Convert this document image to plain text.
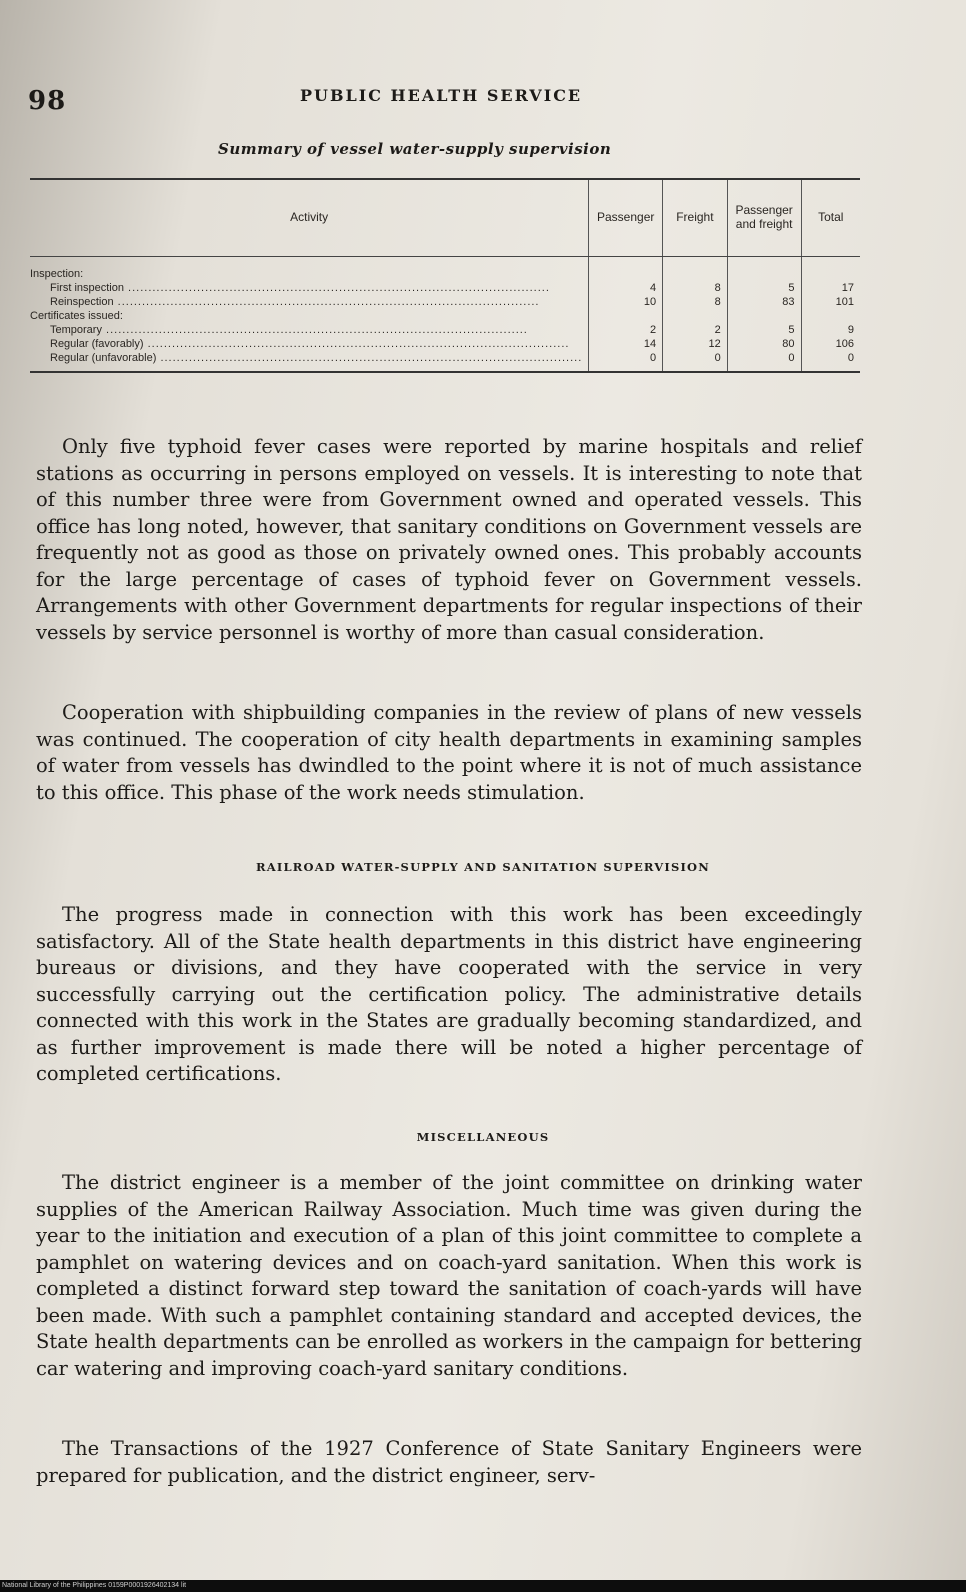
98	PUBLIC HEALTH SERVICE
Summary of vessel water-supply supervision
Activity	Passenger	Freight	Passenger and freight	Total
Inspection:				
First inspection .....	4	8	5	17
Reinspection .....	10	8	83	101
Certificates issued:				
Temporary .....	2	2	5	9
Regular (favorably) .....	14	12	80	106
Regular (unfavorable) .....	0	0	0	0

Only five typhoid fever cases were reported by marine hospitals and relief stations as occurring in persons employed on vessels. It is interesting to note that of this number three were from Government owned and operated vessels. This office has long noted, however, that sanitary conditions on Government vessels are frequently not as good as those on privately owned ones. This probably accounts for the large percentage of cases of typhoid fever on Government vessels. Arrangements with other Government departments for regular inspections of their vessels by service personnel is worthy of more than casual consideration.

Cooperation with shipbuilding companies in the review of plans of new vessels was continued. The cooperation of city health departments in examining samples of water from vessels has dwindled to the point where it is not of much assistance to this office. This phase of the work needs stimulation.

RAILROAD WATER-SUPPLY AND SANITATION SUPERVISION

The progress made in connection with this work has been exceedingly satisfactory. All of the State health departments in this district have engineering bureaus or divisions, and they have cooperated with the service in very successfully carrying out the certification policy. The administrative details connected with this work in the States are gradually becoming standardized, and as further improvement is made there will be noted a higher percentage of completed certifications.

MISCELLANEOUS

The district engineer is a member of the joint committee on drinking water supplies of the American Railway Association. Much time was given during the year to the initiation and execution of a plan of this joint committee to complete a pamphlet on watering devices and on coach-yard sanitation. When this work is completed a distinct forward step toward the sanitation of coach-yards will have been made. With such a pamphlet containing standard and accepted devices, the State health departments can be enrolled as workers in the campaign for bettering car watering and improving coach-yard sanitary conditions.

The Transactions of the 1927 Conference of State Sanitary Engineers were prepared for publication, and the district engineer, serv-

National Library of the Philippines 0159P0001926402134 lit
